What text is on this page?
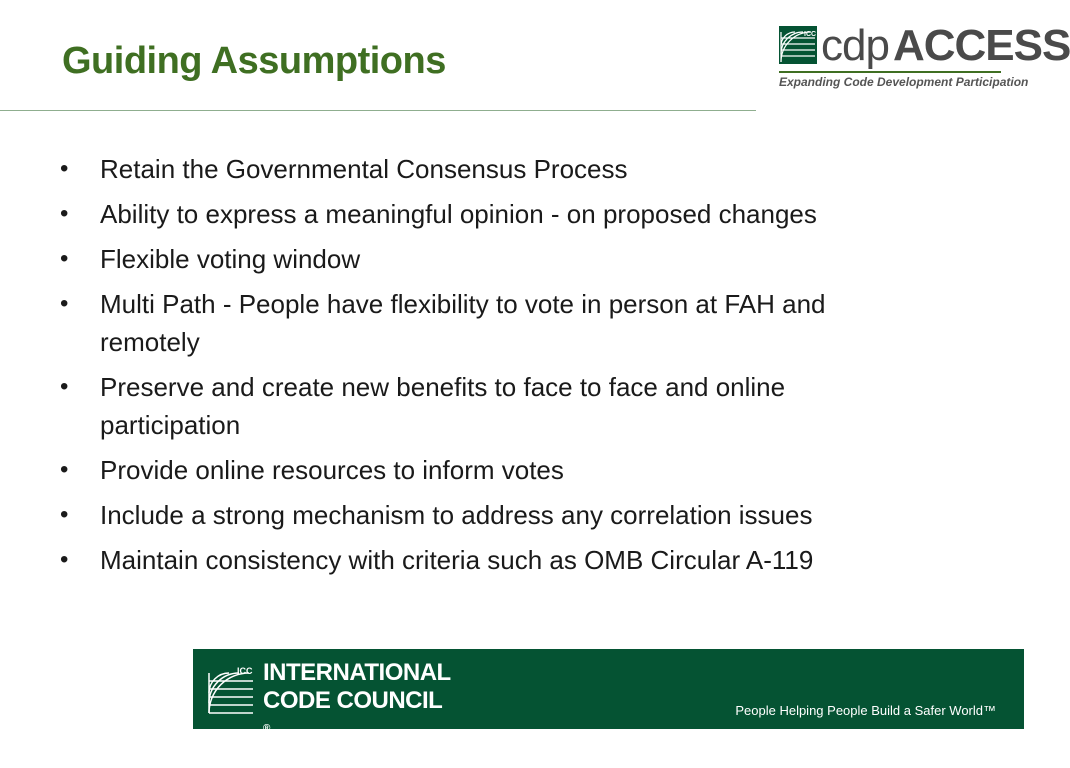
Guiding Assumptions
ICC cdpACCESS
Expanding Code Development Participation
• Retain the Governmental Consensus Process
• Ability to express a meaningful opinion - on proposed changes
• Flexible voting window
• Multi Path - People have flexibility to vote in person at FAH and remotely
• Preserve and create new benefits to face to face and online participation
• Provide online resources to inform votes
• Include a strong mechanism to address any correlation issues
• Maintain consistency with criteria such as OMB Circular A-119
ICC INTERNATIONAL
CODE COUNCIL
®
People Helping People Build a Safer World™
